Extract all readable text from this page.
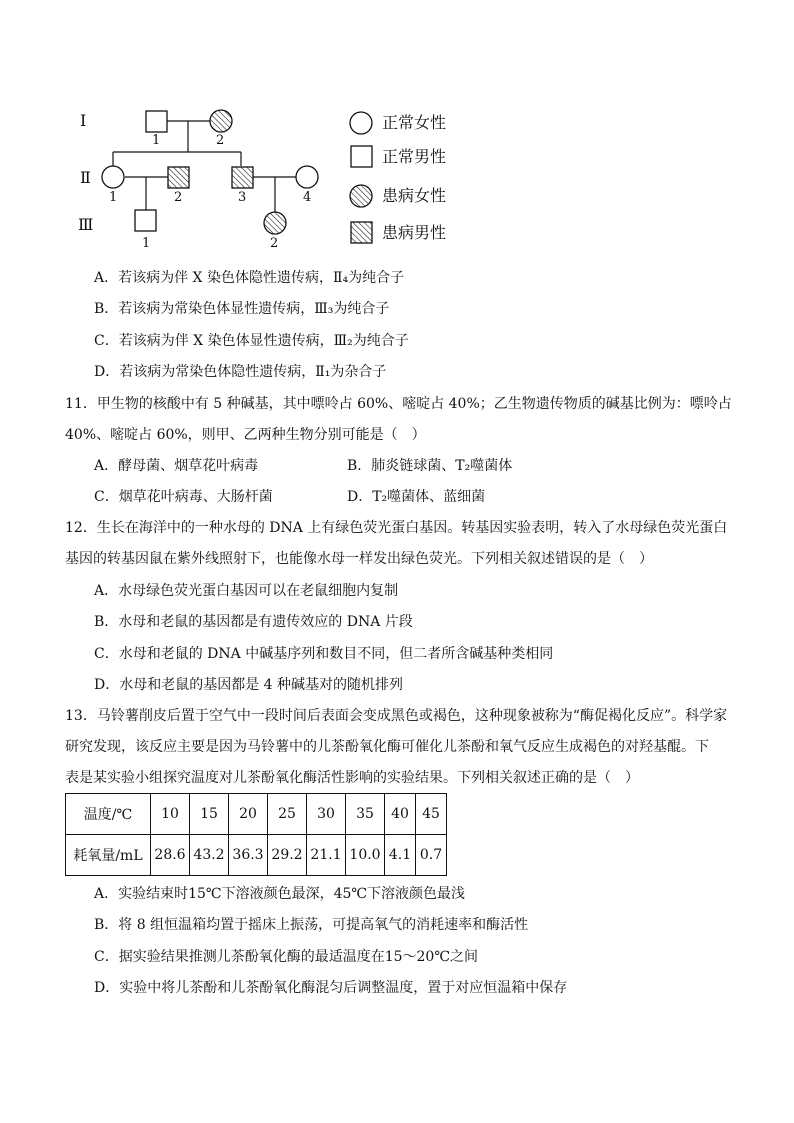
Ⅰ
Ⅱ
Ⅲ
1	2
1	2	3	4
1	2
正常女性
正常男性
患病女性
患病男性
A．若该病为伴 X 染色体隐性遗传病，Ⅱ₄为纯合子
B．若该病为常染色体显性遗传病，Ⅲ₃为纯合子
C．若该病为伴 X 染色体显性遗传病，Ⅲ₂为纯合子
D．若该病为常染色体隐性遗传病，Ⅱ₁为杂合子
11．甲生物的核酸中有 5 种碱基，其中嘌呤占 60%、嘧啶占 40%；乙生物遗传物质的碱基比例为：嘌呤占
40%、嘧啶占 60%，则甲、乙两种生物分别可能是（　）
A．酵母菌、烟草花叶病毒	B．肺炎链球菌、T₂噬菌体
C．烟草花叶病毒、大肠杆菌	D．T₂噬菌体、蓝细菌
12．生长在海洋中的一种水母的 DNA 上有绿色荧光蛋白基因。转基因实验表明，转入了水母绿色荧光蛋白
基因的转基因鼠在紫外线照射下，也能像水母一样发出绿色荧光。下列相关叙述错误的是（　）
A．水母绿色荧光蛋白基因可以在老鼠细胞内复制
B．水母和老鼠的基因都是有遗传效应的 DNA 片段
C．水母和老鼠的 DNA 中碱基序列和数目不同，但二者所含碱基种类相同
D．水母和老鼠的基因都是 4 种碱基对的随机排列
13．马铃薯削皮后置于空气中一段时间后表面会变成黑色或褐色，这种现象被称为“酶促褐化反应”。科学家
研究发现，该反应主要是因为马铃薯中的儿茶酚氧化酶可催化儿茶酚和氧气反应生成褐色的对羟基醌。下
表是某实验小组探究温度对儿茶酚氧化酶活性影响的实验结果。下列相关叙述正确的是（　）
温度/℃	10	15	20	25	30	35	40	45
耗氧量/mL	28.6	43.2	36.3	29.2	21.1	10.0	4.1	0.7
A．实验结束时15℃下溶液颜色最深，45℃下溶液颜色最浅
B．将 8 组恒温箱均置于摇床上振荡，可提高氧气的消耗速率和酶活性
C．据实验结果推测儿茶酚氧化酶的最适温度在15～20℃之间
D．实验中将儿茶酚和儿茶酚氧化酶混匀后调整温度，置于对应恒温箱中保存
